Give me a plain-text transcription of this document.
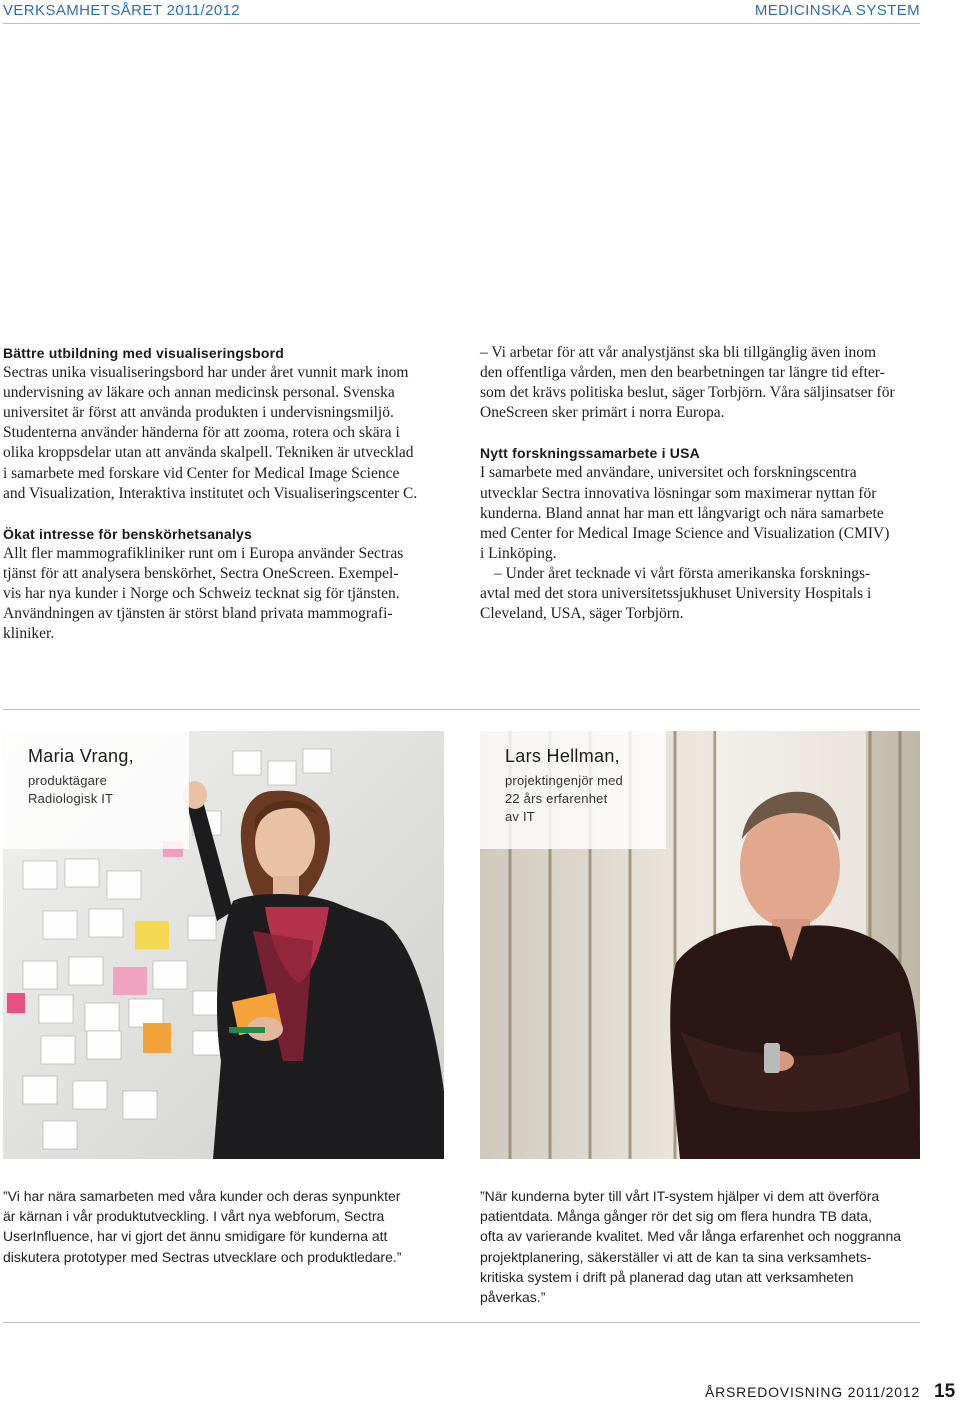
VERKSAMHETSÅRET 2011/2012	MEDICINSKA SYSTEM
Bättre utbildning med visualiseringsbord

Sectras unika visualiseringsbord har under året vunnit mark inom
undervisning av läkare och annan medicinsk personal. Svenska
universitet är först att använda produkten i undervisningsmiljö.
Studenterna använder händerna för att zooma, rotera och skära i
olika kroppsdelar utan att använda skalpell. Tekniken är utvecklad
i samarbete med forskare vid Center for Medical Image Science
and Visualization, Interaktiva institutet och Visualiseringscenter C.

Ökat intresse för benskörhetsanalys

Allt fler mammografikliniker runt om i Europa använder Sectras
tjänst för att analysera benskörhet, Sectra OneScreen. Exempel-
vis har nya kunder i Norge och Schweiz tecknat sig för tjänsten.
Användningen av tjänsten är störst bland privata mammografi-
kliniker.

– Vi arbetar för att vår analystjänst ska bli tillgänglig även inom
den offentliga vården, men den bearbetningen tar längre tid efter-
som det krävs politiska beslut, säger Torbjörn. Våra säljinsatser för
OneScreen sker primärt i norra Europa.

Nytt forskningssamarbete i USA

I samarbete med användare, universitet och forskningscentra
utvecklar Sectra innovativa lösningar som maximerar nyttan för
kunderna. Bland annat har man ett långvarigt och nära samarbete
med Center for Medical Image Science and Visualization (CMIV)
i Linköping.

– Under året tecknade vi vårt första amerikanska forsknings-
avtal med det stora universitetssjukhuset University Hospitals i
Cleveland, USA, säger Torbjörn.

Maria Vrang,
produktägare
Radiologisk IT
Lars Hellman,
projektingenjör med
22 års erfarenhet
av IT
”Vi har nära samarbeten med våra kunder och deras synpunkter
är kärnan i vår produktutveckling. I vårt nya webforum, Sectra
UserInfluence, har vi gjort det ännu smidigare för kunderna att
diskutera prototyper med Sectras utvecklare och produktledare.”
”När kunderna byter till vårt IT-system hjälper vi dem att överföra
patientdata. Många gånger rör det sig om flera hundra TB data,
ofta av varierande kvalitet. Med vår långa erfarenhet och noggranna
projektplanering, säkerställer vi att de kan ta sina verksamhets-
kritiska system i drift på planerad dag utan att verksamheten
påverkas.”
ÅRSREDOVISNING 2011/2012 15
